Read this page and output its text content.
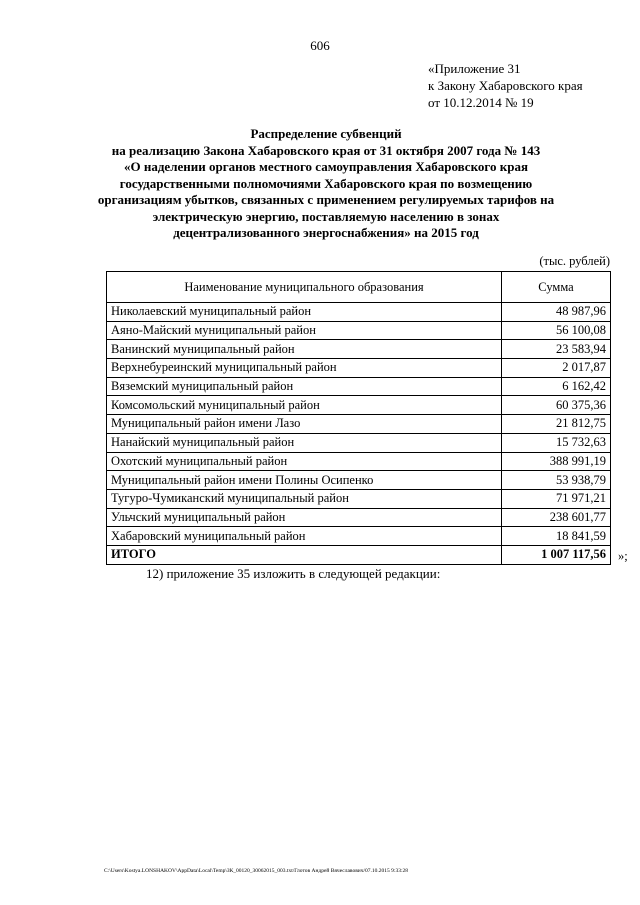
606
«Приложение 31
к Закону Хабаровского края
от 10.12.2014 № 19
Распределение субвенций
на реализацию Закона Хабаровского края от 31 октября 2007 года № 143
«О наделении органов местного самоуправления Хабаровского края
государственными полномочиями Хабаровского края по возмещению
организациям убытков, связанных с применением регулируемых тарифов на
электрическую энергию, поставляемую населению в зонах
децентрализованного энергоснабжения» на 2015 год
(тыс. рублей)
Наименование муниципального образования	Сумма
Николаевский муниципальный район	48 987,96
Аяно-Майский муниципальный район	56 100,08
Ванинский муниципальный район	23 583,94
Верхнебуреинский муниципальный район	2 017,87
Вяземский муниципальный район	6 162,42
Комсомольский муниципальный район	60 375,36
Муниципальный район имени Лазо	21 812,75
Нанайский муниципальный район	15 732,63
Охотский муниципальный район	388 991,19
Муниципальный район имени Полины Осипенко	53 938,79
Тугуро-Чумиканский муниципальный район	71 971,21
Ульчский муниципальный район	238 601,77
Хабаровский муниципальный район	18 841,59
ИТОГО	1 007 117,56 »;
12) приложение 35 изложить в следующей редакции:
C:\Users\Kostya.LONSHAKOV\AppData\Local\Temp\ЗК_00120_30062015_003.txt/Глотов Андрей Вячеславович/07.10.2015 9:33:28
